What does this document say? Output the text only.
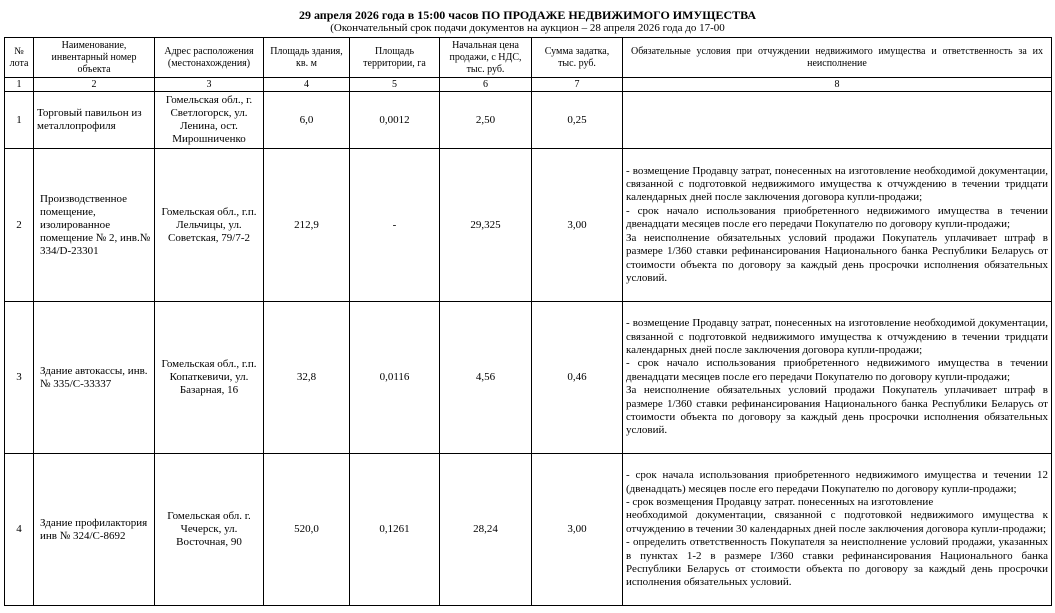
29 апреля 2026 года в 15:00 часов ПО ПРОДАЖЕ НЕДВИЖИМОГО ИМУЩЕСТВА
(Окончательный срок подачи документов на аукцион – 28 апреля 2026 года до 17-00
№ лота	Наименование, инвентарный номер объекта	Адрес расположения (местонахождения)	Площадь здания, кв. м	Площадь территории, га	Начальная цена продажи, с НДС, тыс. руб.	Сумма задатка, тыс. руб.	Обязательные условия при отчуждении недвижимого имущества и ответственность за их неисполнение
1	2	3	4	5	6	7	8
1	Торговый павильон из металлопрофиля	Гомельская обл., г. Светлогорск, ул. Ленина, ост. Мирошниченко	6,0	0,0012	2,50	0,25	
2	Производственное помещение, изолированное помещение № 2, инв.№ 334/D-23301	Гомельская обл., г.п. Лельчицы, ул. Советская, 79/7-2	212,9	-	29,325	3,00	- возмещение Продавцу затрат, понесенных на изготовление необходимой документации, связанной с подготовкой недвижимого имущества к отчуждению в течении тридцати календарных дней после заключения договора купли-продажи;
- срок начало использования приобретенного недвижимого имущества в течении двенадцати месяцев после его передачи Покупателю по договору купли-продажи;
За неисполнение обязательных условий продажи Покупатель уплачивает штраф в размере 1/360 ставки рефинансирования Национального банка Республики Беларусь от стоимости объекта по договору за каждый день просрочки исполнения обязательных условий.
3	Здание автокассы, инв. № 335/С-33337	Гомельская обл., г.п. Копаткевичи, ул. Базарная, 16	32,8	0,0116	4,56	0,46	- возмещение Продавцу затрат, понесенных на изготовление необходимой документации, связанной с подготовкой недвижимого имущества к отчуждению в течении тридцати календарных дней после заключения договора купли-продажи;
- срок начало использования приобретенного недвижимого имущества в течении двенадцати месяцев после его передачи Покупателю по договору купли-продажи;
За неисполнение обязательных условий продажи Покупатель уплачивает штраф в размере 1/360 ставки рефинансирования Национального банка Республики Беларусь от стоимости объекта по договору за каждый день просрочки исполнения обязательных условий.
4	Здание профилактория инв № 324/С-8692	Гомельская обл. г. Чечерск, ул. Восточная, 90	520,0	0,1261	28,24	3,00	- срок начала использования приобретенного недвижимого имущества и течении 12 (двенадцать) месяцев после его передачи Покупателю по договору купли-продажи;
- срок возмещения Продавцу затрат. понесенных на изготовление
необходимой документации, связанной с подготовкой недвижимого имущества к отчуждению в течении 30 календарных дней после заключения договора купли-продажи;
- определить ответственность Покупателя за неисполнение условий продажи, указанных в пунктах 1-2 в размере I/360 ставки рефинансирования Национального банка Республики Беларусь от стоимости объекта по договору за каждый день просрочки исполнения обязательных условий.
